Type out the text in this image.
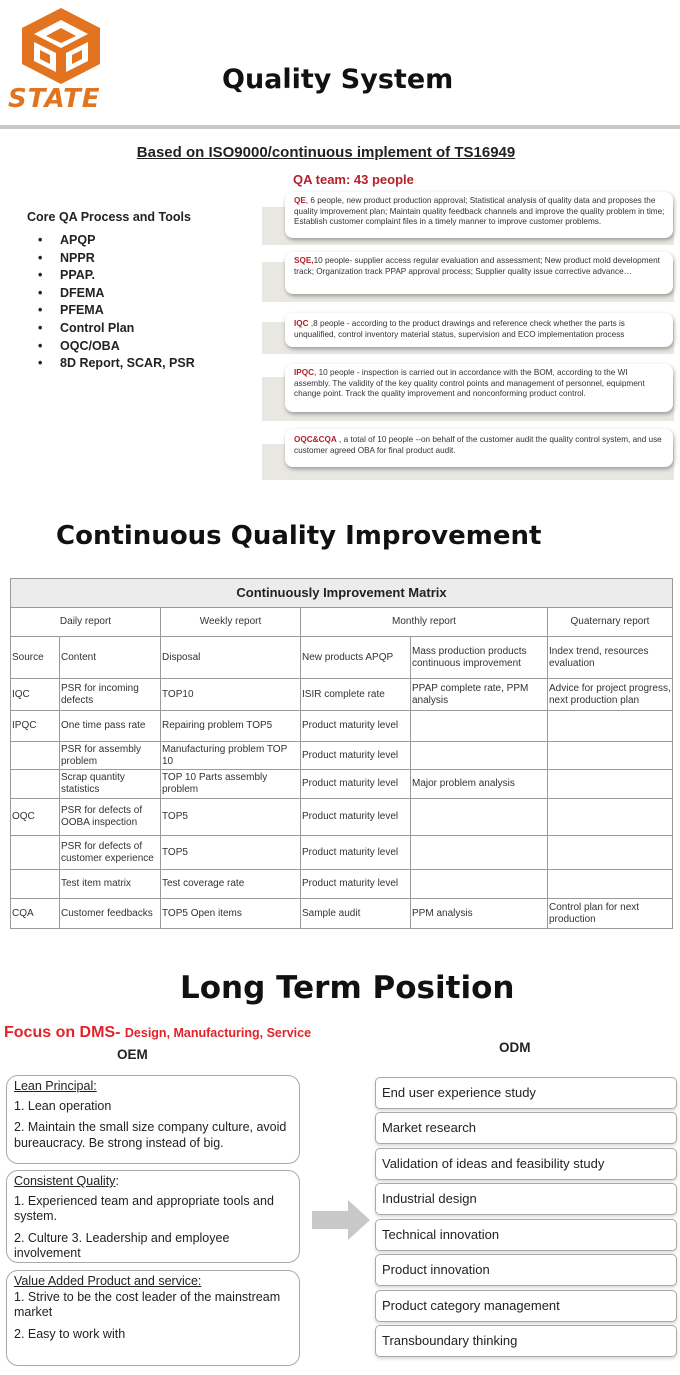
STATE
Quality System
Based on ISO9000/continuous implement of TS16949
QA team: 43 people
Core QA Process and Tools
• APQP
• NPPR
• PPAP.
• DFEMA
• PFEMA
• Control Plan
• OQC/OBA
• 8D Report, SCAR, PSR
QE, 6 people, new product production approval; Statistical analysis of quality data and proposes the quality improvement plan; Maintain quality feedback channels and improve the quality problem in time; Establish customer complaint files in a timely manner to improve customer problems.
SQE,10 people- supplier access regular evaluation and assessment; New product mold development track; Organization track PPAP approval process; Supplier quality issue corrective advance…
IQC ,8 people - according to the product drawings and reference check whether the parts is unqualified, control inventory material status, supervision and ECO implementation process
IPQC, 10 people - inspection is carried out in accordance with the BOM, according to the WI assembly. The validity of the key quality control points and management of personnel, equipment change point. Track the quality improvement and nonconforming product control.
OQC&CQA , a total of 10 people --on behalf of the customer audit the quality control system, and use customer agreed OBA for final product audit.
Continuous Quality Improvement
Continuously Improvement Matrix					
Daily report		Weekly report	Monthly report		Quaternary report
Source	Content	Disposal	New products APQP	Mass production products continuous improvement	Index trend, resources evaluation
IQC	PSR for incoming defects	TOP10	ISIR complete rate	PPAP complete rate, PPM analysis	Advice for project progress, next production plan
IPQC	One time pass rate	Repairing problem TOP5	Product maturity level		
	PSR for assembly problem	Manufacturing problem TOP 10	Product maturity level		
	Scrap quantity statistics	TOP 10 Parts assembly problem	Product maturity level	Major problem analysis	
OQC	PSR for defects of OOBA inspection	TOP5	Product maturity level		
	PSR for defects of customer experience	TOP5	Product maturity level		
	Test item matrix	Test coverage rate	Product maturity level		
CQA	Customer feedbacks	TOP5 Open items	Sample audit	PPM analysis	Control plan for next production
Long Term Position
Focus on DMS- Design, Manufacturing, Service
OEM	ODM

Lean Principal:

1. Lean operation

2. Maintain the small size company culture, avoid bureaucracy. Be strong instead of big.

Consistent Quality:

1. Experienced team and appropriate tools and system.

2. Culture 3. Leadership and employee involvement

Value Added Product and service:

1. Strive to be the cost leader of the mainstream market

2. Easy to work with

End user experience study
Market research
Validation of ideas and feasibility study
Industrial design
Technical innovation
Product innovation
Product category management
Transboundary thinking
